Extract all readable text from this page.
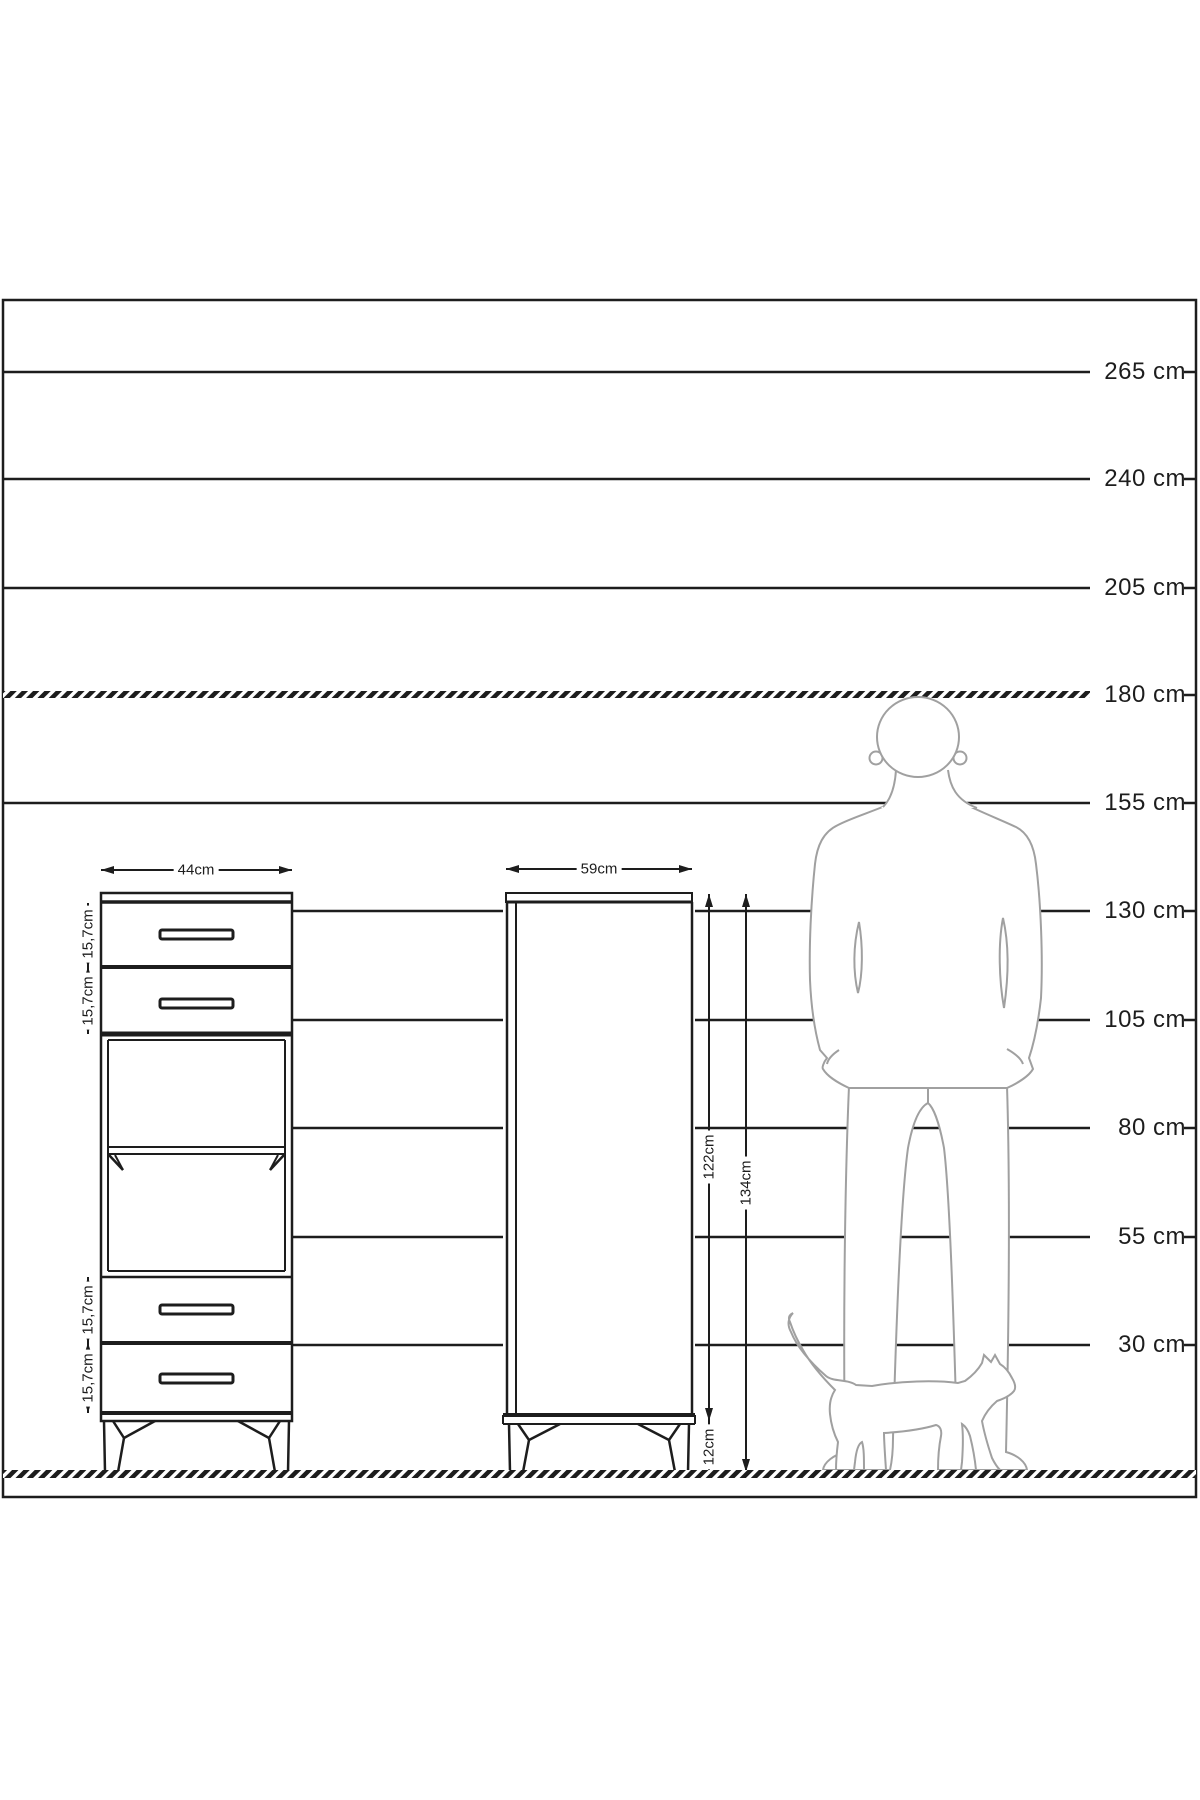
265 cm
240 cm
205 cm
180 cm
155 cm
130 cm
105 cm
80 cm
55 cm
30 cm
44cm	59cm
15,7cm
15,7cm
15,7cm
15,7cm
122cm
134cm
12cm
